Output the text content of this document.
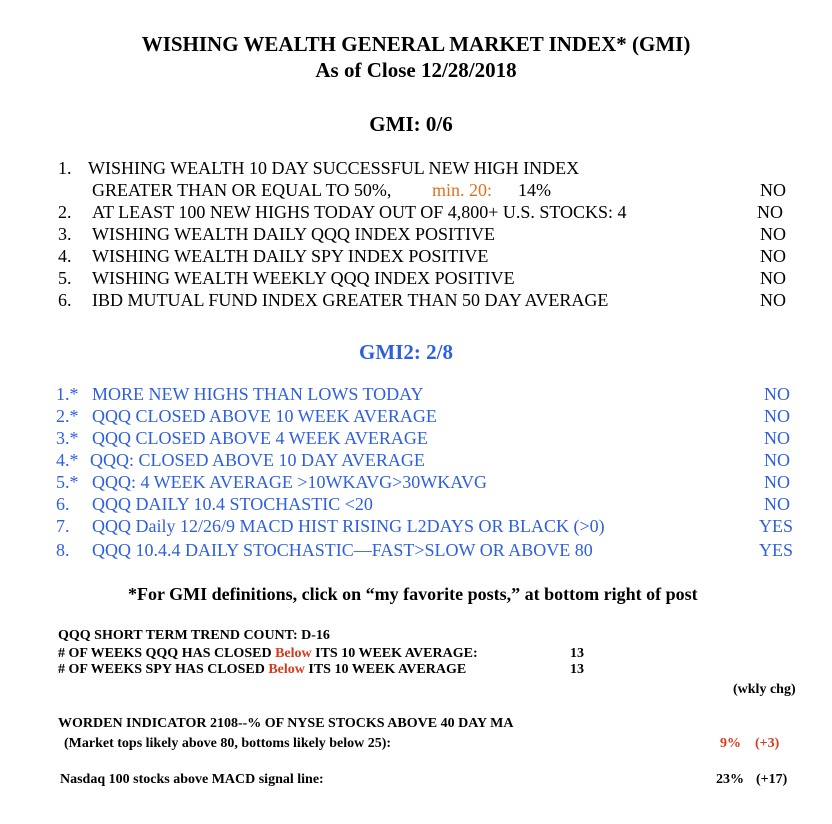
WISHING WEALTH GENERAL MARKET INDEX* (GMI)
As of Close 12/28/2018
GMI: 0/6
1. WISHING WEALTH 10 DAY SUCCESSFUL NEW HIGH INDEX
GREATER THAN OR EQUAL TO 50%, min. 20: 14%	NO
2. AT LEAST 100 NEW HIGHS TODAY OUT OF 4,800+ U.S. STOCKS: 4	NO
3. WISHING WEALTH DAILY QQQ INDEX POSITIVE	NO
4. WISHING WEALTH DAILY SPY INDEX POSITIVE	NO
5. WISHING WEALTH WEEKLY QQQ INDEX POSITIVE	NO
6. IBD MUTUAL FUND INDEX GREATER THAN 50 DAY AVERAGE	NO
GMI2: 2/8
1.* MORE NEW HIGHS THAN LOWS TODAY	NO
2.* QQQ CLOSED ABOVE 10 WEEK AVERAGE	NO
3.* QQQ CLOSED ABOVE 4 WEEK AVERAGE	NO
4.* QQQ: CLOSED ABOVE 10 DAY AVERAGE	NO
5.* QQQ: 4 WEEK AVERAGE >10WKAVG>30WKAVG	NO
6. QQQ DAILY 10.4 STOCHASTIC <20	NO
7. QQQ Daily 12/26/9 MACD HIST RISING L2DAYS OR BLACK (>0)	YES
8. QQQ 10.4.4 DAILY STOCHASTIC—FAST>SLOW OR ABOVE 80	YES
*For GMI definitions, click on “my favorite posts,” at bottom right of post
QQQ SHORT TERM TREND COUNT: D-16
# OF WEEKS QQQ HAS CLOSED Below ITS 10 WEEK AVERAGE:	13
# OF WEEKS SPY HAS CLOSED Below ITS 10 WEEK AVERAGE	13
(wkly chg)
WORDEN INDICATOR 2108--% OF NYSE STOCKS ABOVE 40 DAY MA
(Market tops likely above 80, bottoms likely below 25):	9% (+3)
Nasdaq 100 stocks above MACD signal line:	23% (+17)
